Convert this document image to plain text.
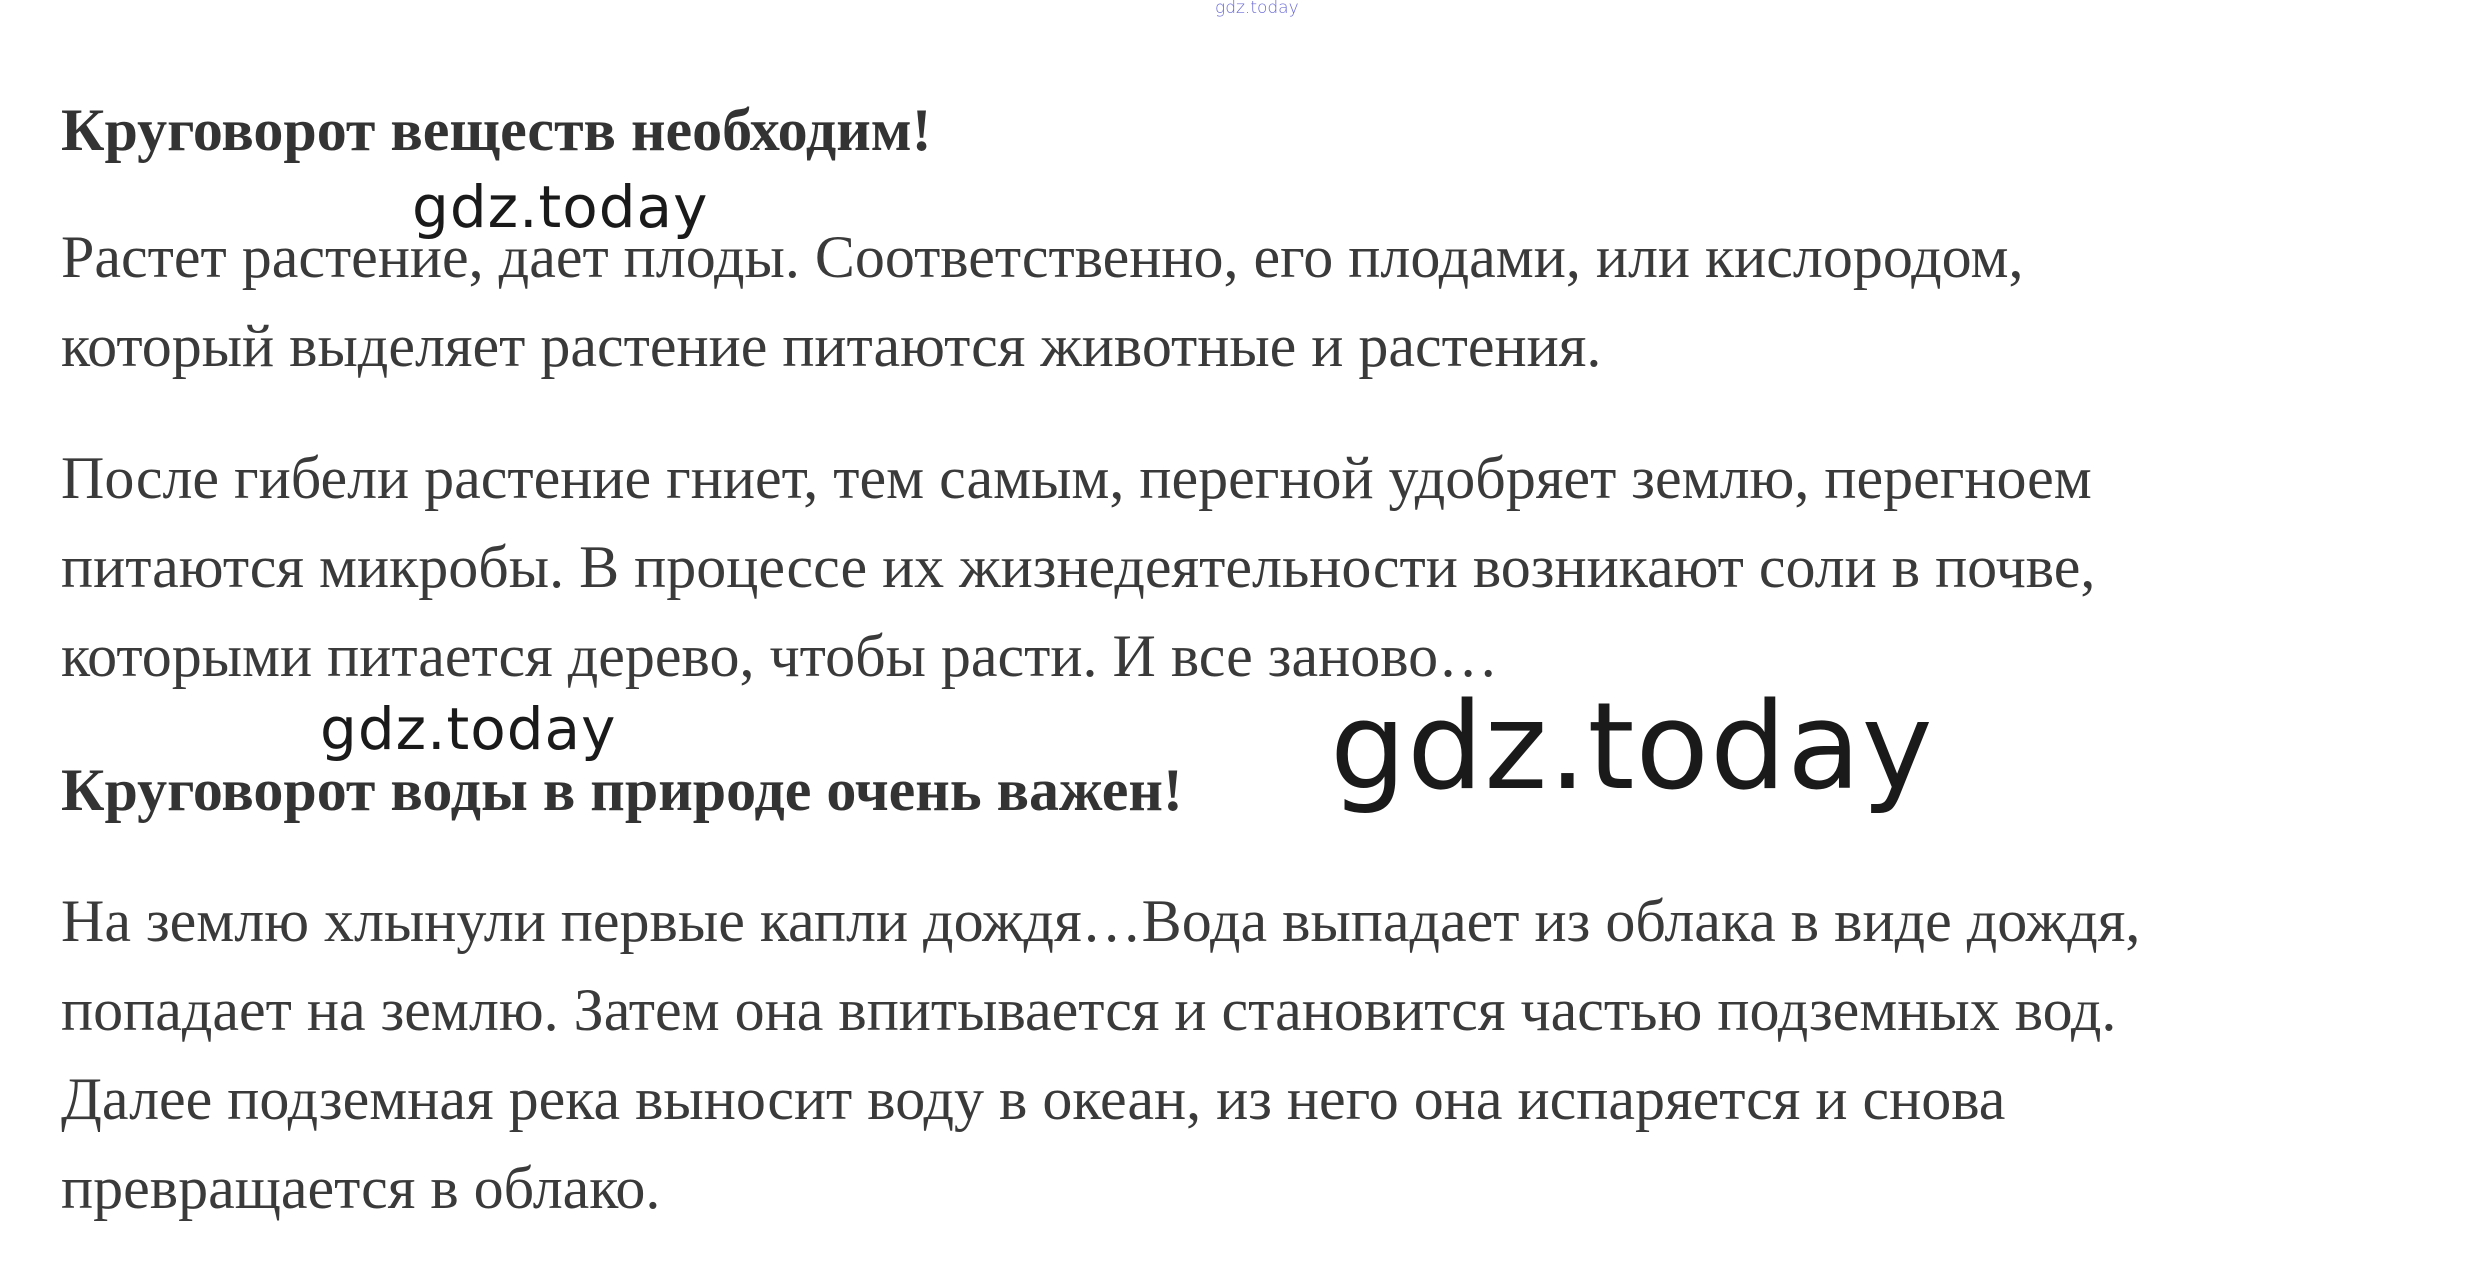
gdz.today
Круговорот веществ необходим!
Растет растение, дает плоды. Соответственно, его плодами, или кислородом,
который выделяет растение питаются животные и растения.
После гибели растение гниет, тем самым, перегной удобряет землю, перегноем
питаются микробы. В процессе их жизнедеятельности возникают соли в почве,
которыми питается дерево, чтобы расти. И все заново…
Круговорот воды в природе очень важен!
На землю хлынули первые капли дождя…Вода выпадает из облака в виде дождя,
попадает на землю. Затем она впитывается и становится частью подземных вод.
Далее подземная река выносит воду в океан, из него она испаряется и снова
превращается в облако.
gdz.today
gdz.today	gdz.today
